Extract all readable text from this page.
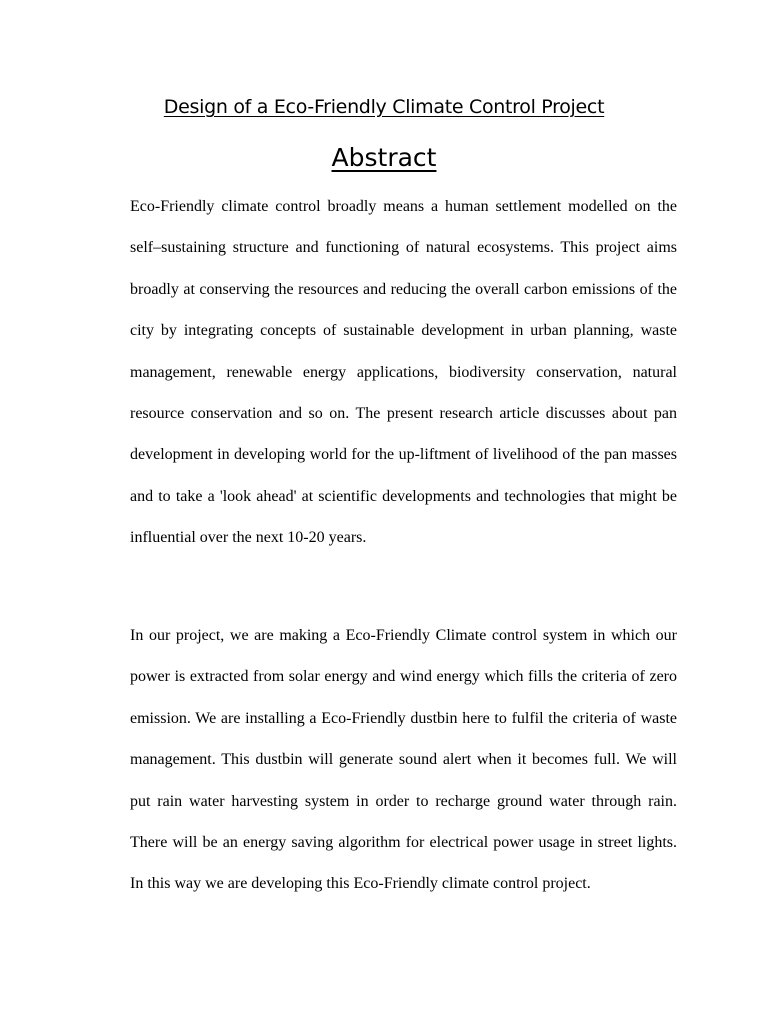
Design of a Eco-Friendly Climate Control Project
Abstract

Eco-Friendly climate control broadly means a human settlement modelled on the self–sustaining structure and functioning of natural ecosystems. This project aims broadly at conserving the resources and reducing the overall carbon emissions of the city by integrating concepts of sustainable development in urban planning, waste management, renewable energy applications, biodiversity conservation, natural resource conservation and so on. The present research article discusses about pan development in developing world for the up-liftment of livelihood of the pan masses and to take a 'look ahead' at scientific developments and technologies that might be influential over the next 10-20 years.

In our project, we are making a Eco-Friendly Climate control system in which our power is extracted from solar energy and wind energy which fills the criteria of zero emission. We are installing a Eco-Friendly dustbin here to fulfil the criteria of waste management. This dustbin will generate sound alert when it becomes full. We will put rain water harvesting system in order to recharge ground water through rain. There will be an energy saving algorithm for electrical power usage in street lights. In this way we are developing this Eco-Friendly climate control project.
